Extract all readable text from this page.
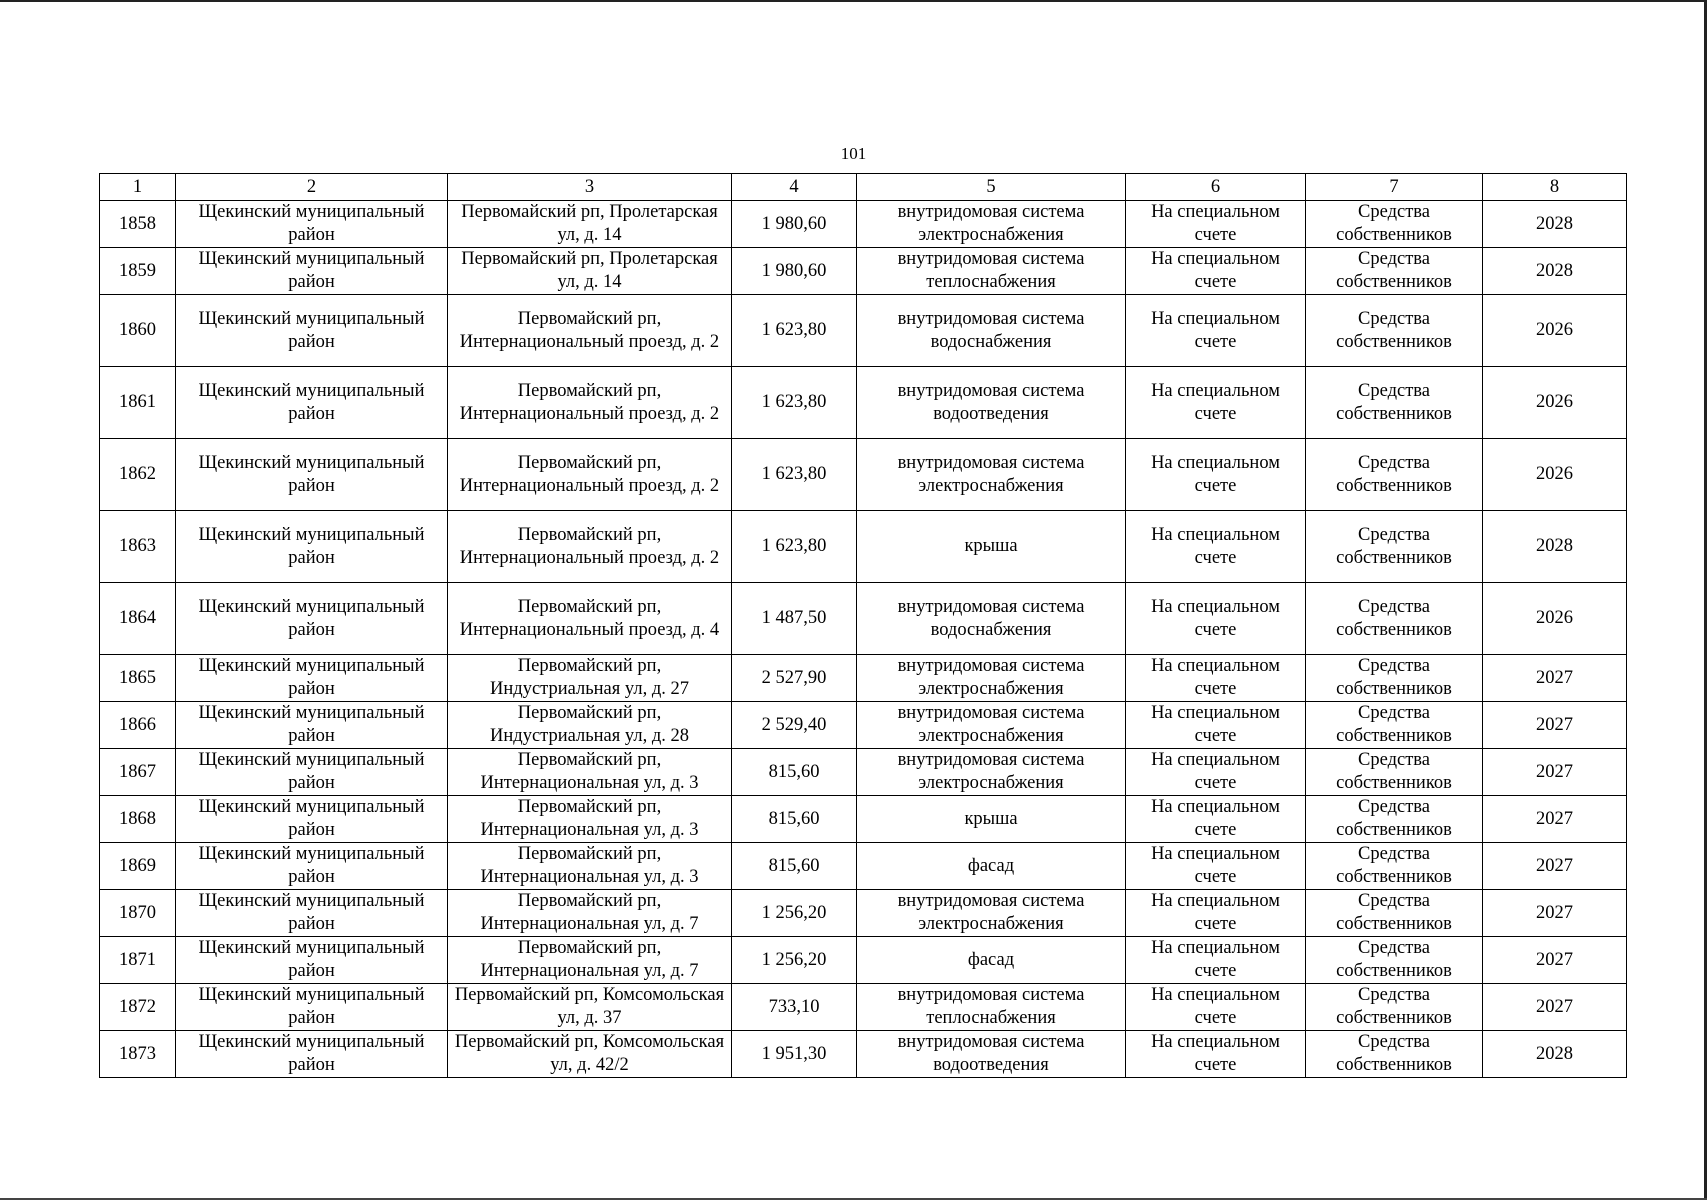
101
1	2	3	4	5	6	7	8
1858	Щекинский муниципальный район	Первомайский рп, Пролетарская ул, д. 14	1 980,60	внутридомовая система электроснабжения	На специальном счете	Средства собственников	2028
1859	Щекинский муниципальный район	Первомайский рп, Пролетарская ул, д. 14	1 980,60	внутридомовая система теплоснабжения	На специальном счете	Средства собственников	2028
1860	Щекинский муниципальный район	Первомайский рп, Интернациональный проезд, д. 2	1 623,80	внутридомовая система водоснабжения	На специальном счете	Средства собственников	2026
1861	Щекинский муниципальный район	Первомайский рп, Интернациональный проезд, д. 2	1 623,80	внутридомовая система водоотведения	На специальном счете	Средства собственников	2026
1862	Щекинский муниципальный район	Первомайский рп, Интернациональный проезд, д. 2	1 623,80	внутридомовая система электроснабжения	На специальном счете	Средства собственников	2026
1863	Щекинский муниципальный район	Первомайский рп, Интернациональный проезд, д. 2	1 623,80	крыша	На специальном счете	Средства собственников	2028
1864	Щекинский муниципальный район	Первомайский рп, Интернациональный проезд, д. 4	1 487,50	внутридомовая система водоснабжения	На специальном счете	Средства собственников	2026
1865	Щекинский муниципальный район	Первомайский рп, Индустриальная ул, д. 27	2 527,90	внутридомовая система электроснабжения	На специальном счете	Средства собственников	2027
1866	Щекинский муниципальный район	Первомайский рп, Индустриальная ул, д. 28	2 529,40	внутридомовая система электроснабжения	На специальном счете	Средства собственников	2027
1867	Щекинский муниципальный район	Первомайский рп, Интернациональная ул, д. 3	815,60	внутридомовая система электроснабжения	На специальном счете	Средства собственников	2027
1868	Щекинский муниципальный район	Первомайский рп, Интернациональная ул, д. 3	815,60	крыша	На специальном счете	Средства собственников	2027
1869	Щекинский муниципальный район	Первомайский рп, Интернациональная ул, д. 3	815,60	фасад	На специальном счете	Средства собственников	2027
1870	Щекинский муниципальный район	Первомайский рп, Интернациональная ул, д. 7	1 256,20	внутридомовая система электроснабжения	На специальном счете	Средства собственников	2027
1871	Щекинский муниципальный район	Первомайский рп, Интернациональная ул, д. 7	1 256,20	фасад	На специальном счете	Средства собственников	2027
1872	Щекинский муниципальный район	Первомайский рп, Комсомольская ул, д. 37	733,10	внутридомовая система теплоснабжения	На специальном счете	Средства собственников	2027
1873	Щекинский муниципальный район	Первомайский рп, Комсомольская ул, д. 42/2	1 951,30	внутридомовая система водоотведения	На специальном счете	Средства собственников	2028
